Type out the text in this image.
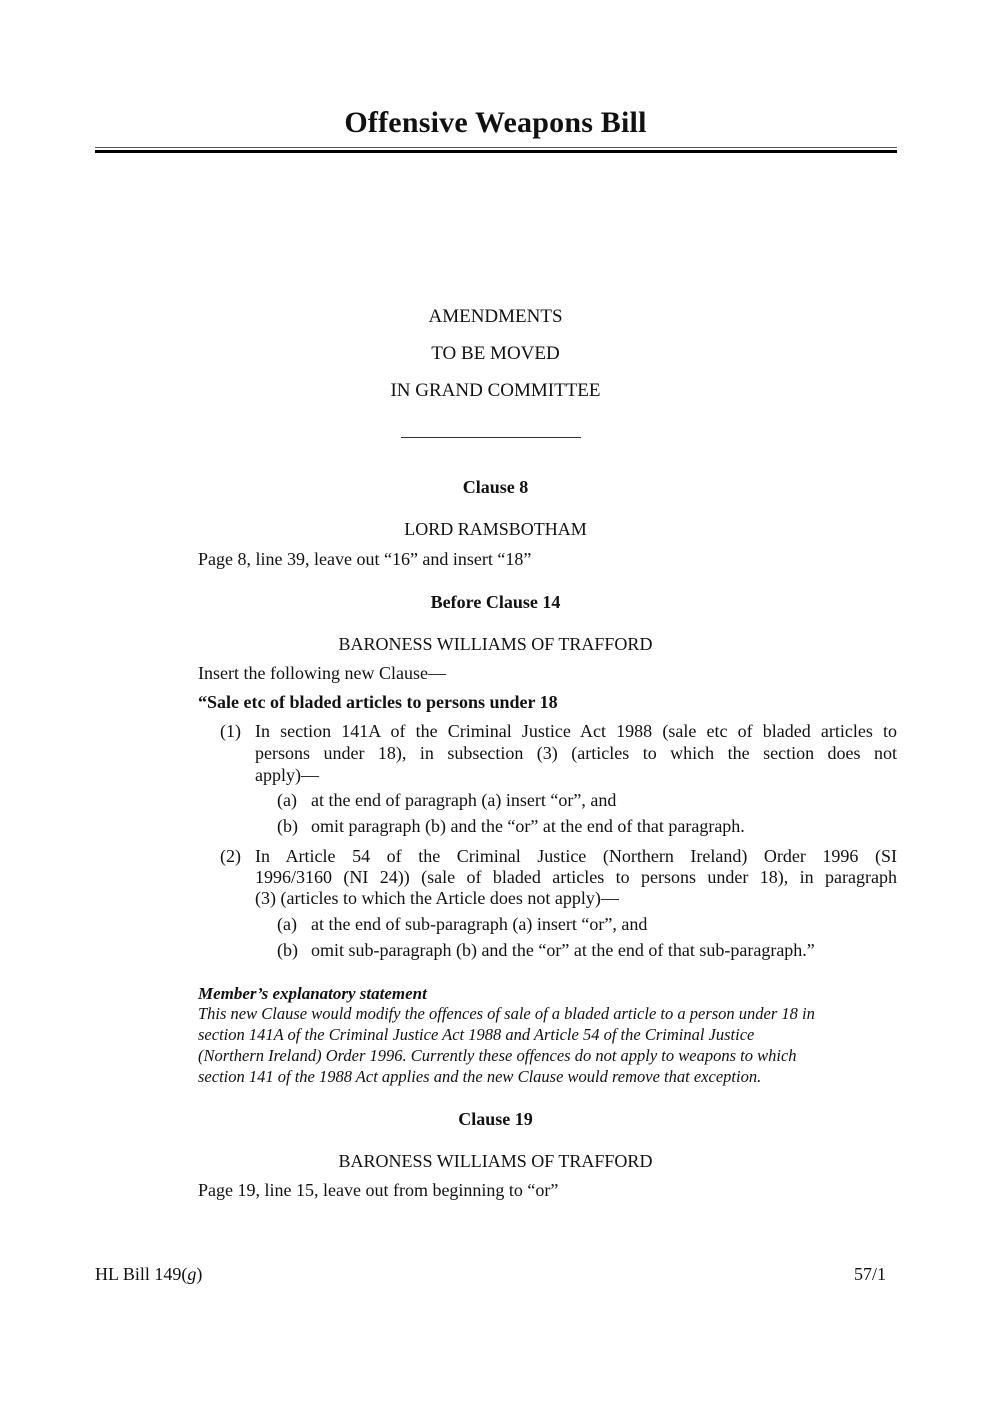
Offensive Weapons Bill
AMENDMENTS
TO BE MOVED
IN GRAND COMMITTEE
Clause 8
LORD RAMSBOTHAM
Page 8, line 39, leave out “16” and insert “18”
Before Clause 14
BARONESS WILLIAMS OF TRAFFORD
Insert the following new Clause—
“Sale etc of bladed articles to persons under 18
(1) In section 141A of the Criminal Justice Act 1988 (sale etc of bladed articles to
persons under 18), in subsection (3) (articles to which the section does not
apply)—
(a) at the end of paragraph (a) insert “or”, and
(b) omit paragraph (b) and the “or” at the end of that paragraph.
(2) In Article 54 of the Criminal Justice (Northern Ireland) Order 1996 (SI
1996/3160 (NI 24)) (sale of bladed articles to persons under 18), in paragraph
(3) (articles to which the Article does not apply)—
(a) at the end of sub-paragraph (a) insert “or”, and
(b) omit sub-paragraph (b) and the “or” at the end of that sub-paragraph.”
Member’s explanatory statement
This new Clause would modify the offences of sale of a bladed article to a person under 18 in
section 141A of the Criminal Justice Act 1988 and Article 54 of the Criminal Justice
(Northern Ireland) Order 1996. Currently these offences do not apply to weapons to which
section 141 of the 1988 Act applies and the new Clause would remove that exception.
Clause 19
BARONESS WILLIAMS OF TRAFFORD
Page 19, line 15, leave out from beginning to “or”
HL Bill 149(g)	57/1
